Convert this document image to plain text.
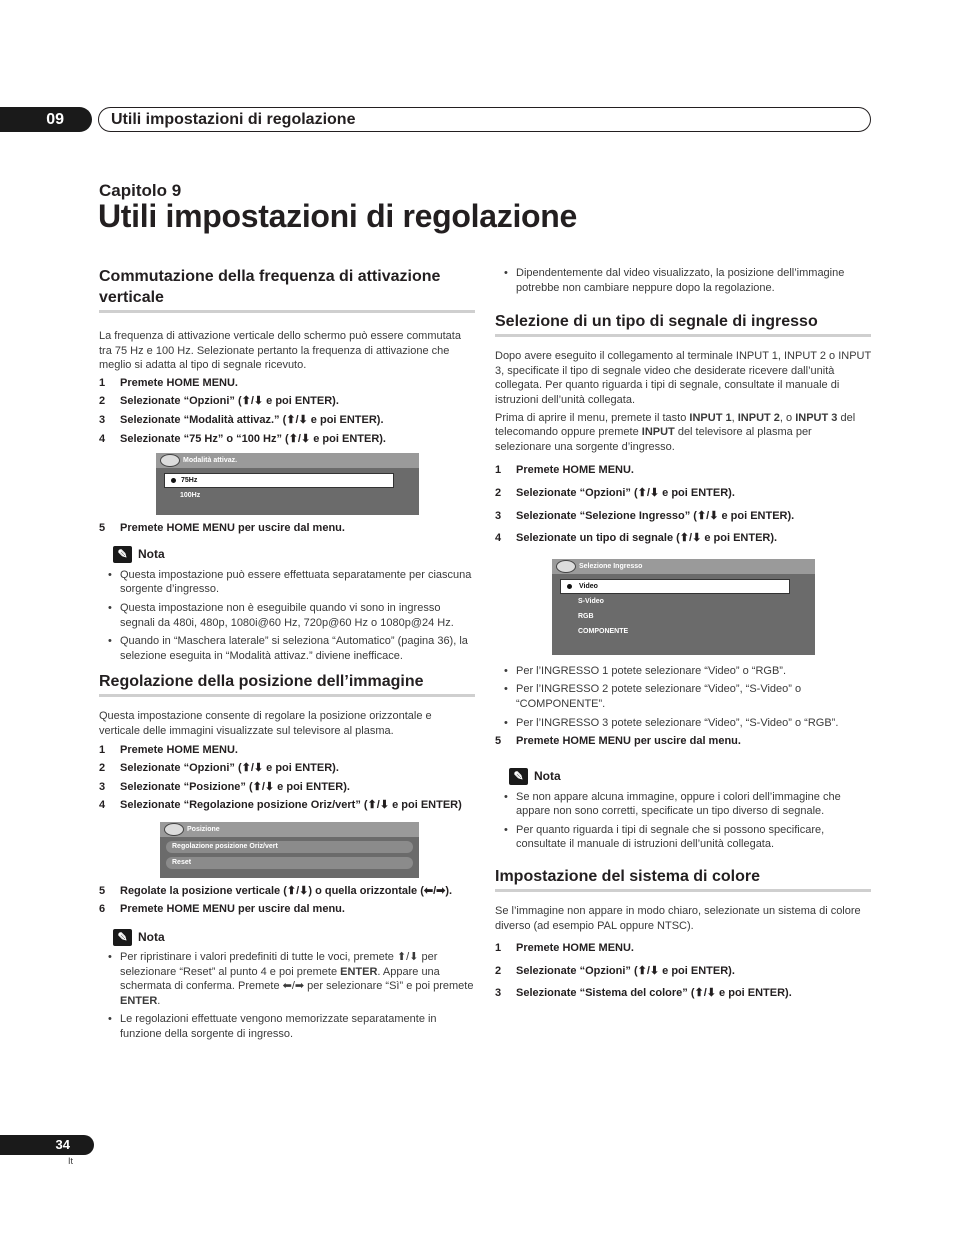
09	Utili impostazioni di regolazione
Capitolo 9
Utili impostazioni di regolazione
Commutazione della frequenza di attivazione verticale

La frequenza di attivazione verticale dello schermo può essere commutata tra 75 Hz e 100 Hz. Selezionate pertanto la frequenza di attivazione che meglio si adatta al tipo di segnale ricevuto.

1	Premete HOME MENU.
2	Selezionate “Opzioni” (⬆/⬇ e poi ENTER).
3	Selezionate “Modalità attivaz.” (⬆/⬇ e poi ENTER).
4	Selezionate “75 Hz” o “100 Hz” (⬆/⬇ e poi ENTER).
Modalità attivaz.
75Hz
100Hz
5	Premete HOME MENU per uscire dal menu.
✎ Nota
• Questa impostazione può essere effettuata separatamente per ciascuna sorgente d’ingresso.
• Questa impostazione non è eseguibile quando vi sono in ingresso segnali da 480i, 480p, 1080i@60 Hz, 720p@60 Hz o 1080p@24 Hz.
• Quando in “Maschera laterale” si seleziona “Automatico” (pagina 36), la selezione eseguita in “Modalità attivaz.” diviene inefficace.
Regolazione della posizione dell’immagine

Questa impostazione consente di regolare la posizione orizzontale e verticale delle immagini visualizzate sul televisore al plasma.

1	Premete HOME MENU.
2	Selezionate “Opzioni” (⬆/⬇ e poi ENTER).
3	Selezionate “Posizione” (⬆/⬇ e poi ENTER).
4 Selezionate “Regolazione posizione Oriz/vert” (⬆/⬇ e poi ENTER)
Posizione
Regolazione posizione Oriz/vert
Reset
5 Regolate la posizione verticale (⬆/⬇) o quella orizzontale (⬅/➡).
6	Premete HOME MENU per uscire dal menu.
✎ Nota
• Per ripristinare i valori predefiniti di tutte le voci, premete ⬆/⬇ per selezionare “Reset” al punto 4 e poi premete ENTER. Appare una schermata di conferma. Premete ⬅/➡ per selezionare “Sì” e poi premete ENTER.
• Le regolazioni effettuate vengono memorizzate separatamente in funzione della sorgente di ingresso.
• Dipendentemente dal video visualizzato, la posizione dell’immagine potrebbe non cambiare neppure dopo la regolazione.
Selezione di un tipo di segnale di ingresso

Dopo avere eseguito il collegamento al terminale INPUT 1, INPUT 2 o INPUT 3, specificate il tipo di segnale video che desiderate ricevere dall’unità collegata. Per quanto riguarda i tipi di segnale, consultate il manuale di istruzioni dell’unità collegata.

Prima di aprire il menu, premete il tasto INPUT 1, INPUT 2, o INPUT 3 del telecomando oppure premete INPUT del televisore al plasma per selezionare una sorgente d’ingresso.

1	Premete HOME MENU.
2	Selezionate “Opzioni” (⬆/⬇ e poi ENTER).
3	Selezionate “Selezione Ingresso” (⬆/⬇ e poi ENTER).
4	Selezionate un tipo di segnale (⬆/⬇ e poi ENTER).
Selezione Ingresso
Video
S-Video
RGB
COMPONENTE
• Per l’INGRESSO 1 potete selezionare “Video” o “RGB”.
• Per l’INGRESSO 2 potete selezionare “Video”, “S-Video” o “COMPONENTE”.
• Per l’INGRESSO 3 potete selezionare “Video”, “S-Video” o “RGB”.
5	Premete HOME MENU per uscire dal menu.
✎ Nota
• Se non appare alcuna immagine, oppure i colori dell’immagine che appare non sono corretti, specificate un tipo diverso di segnale.
• Per quanto riguarda i tipi di segnale che si possono specificare, consultate il manuale di istruzioni dell’unità collegata.
Impostazione del sistema di colore

Se l’immagine non appare in modo chiaro, selezionate un sistema di colore diverso (ad esempio PAL oppure NTSC).

1	Premete HOME MENU.
2	Selezionate “Opzioni” (⬆/⬇ e poi ENTER).
3	Selezionate “Sistema del colore” (⬆/⬇ e poi ENTER).
34
It
